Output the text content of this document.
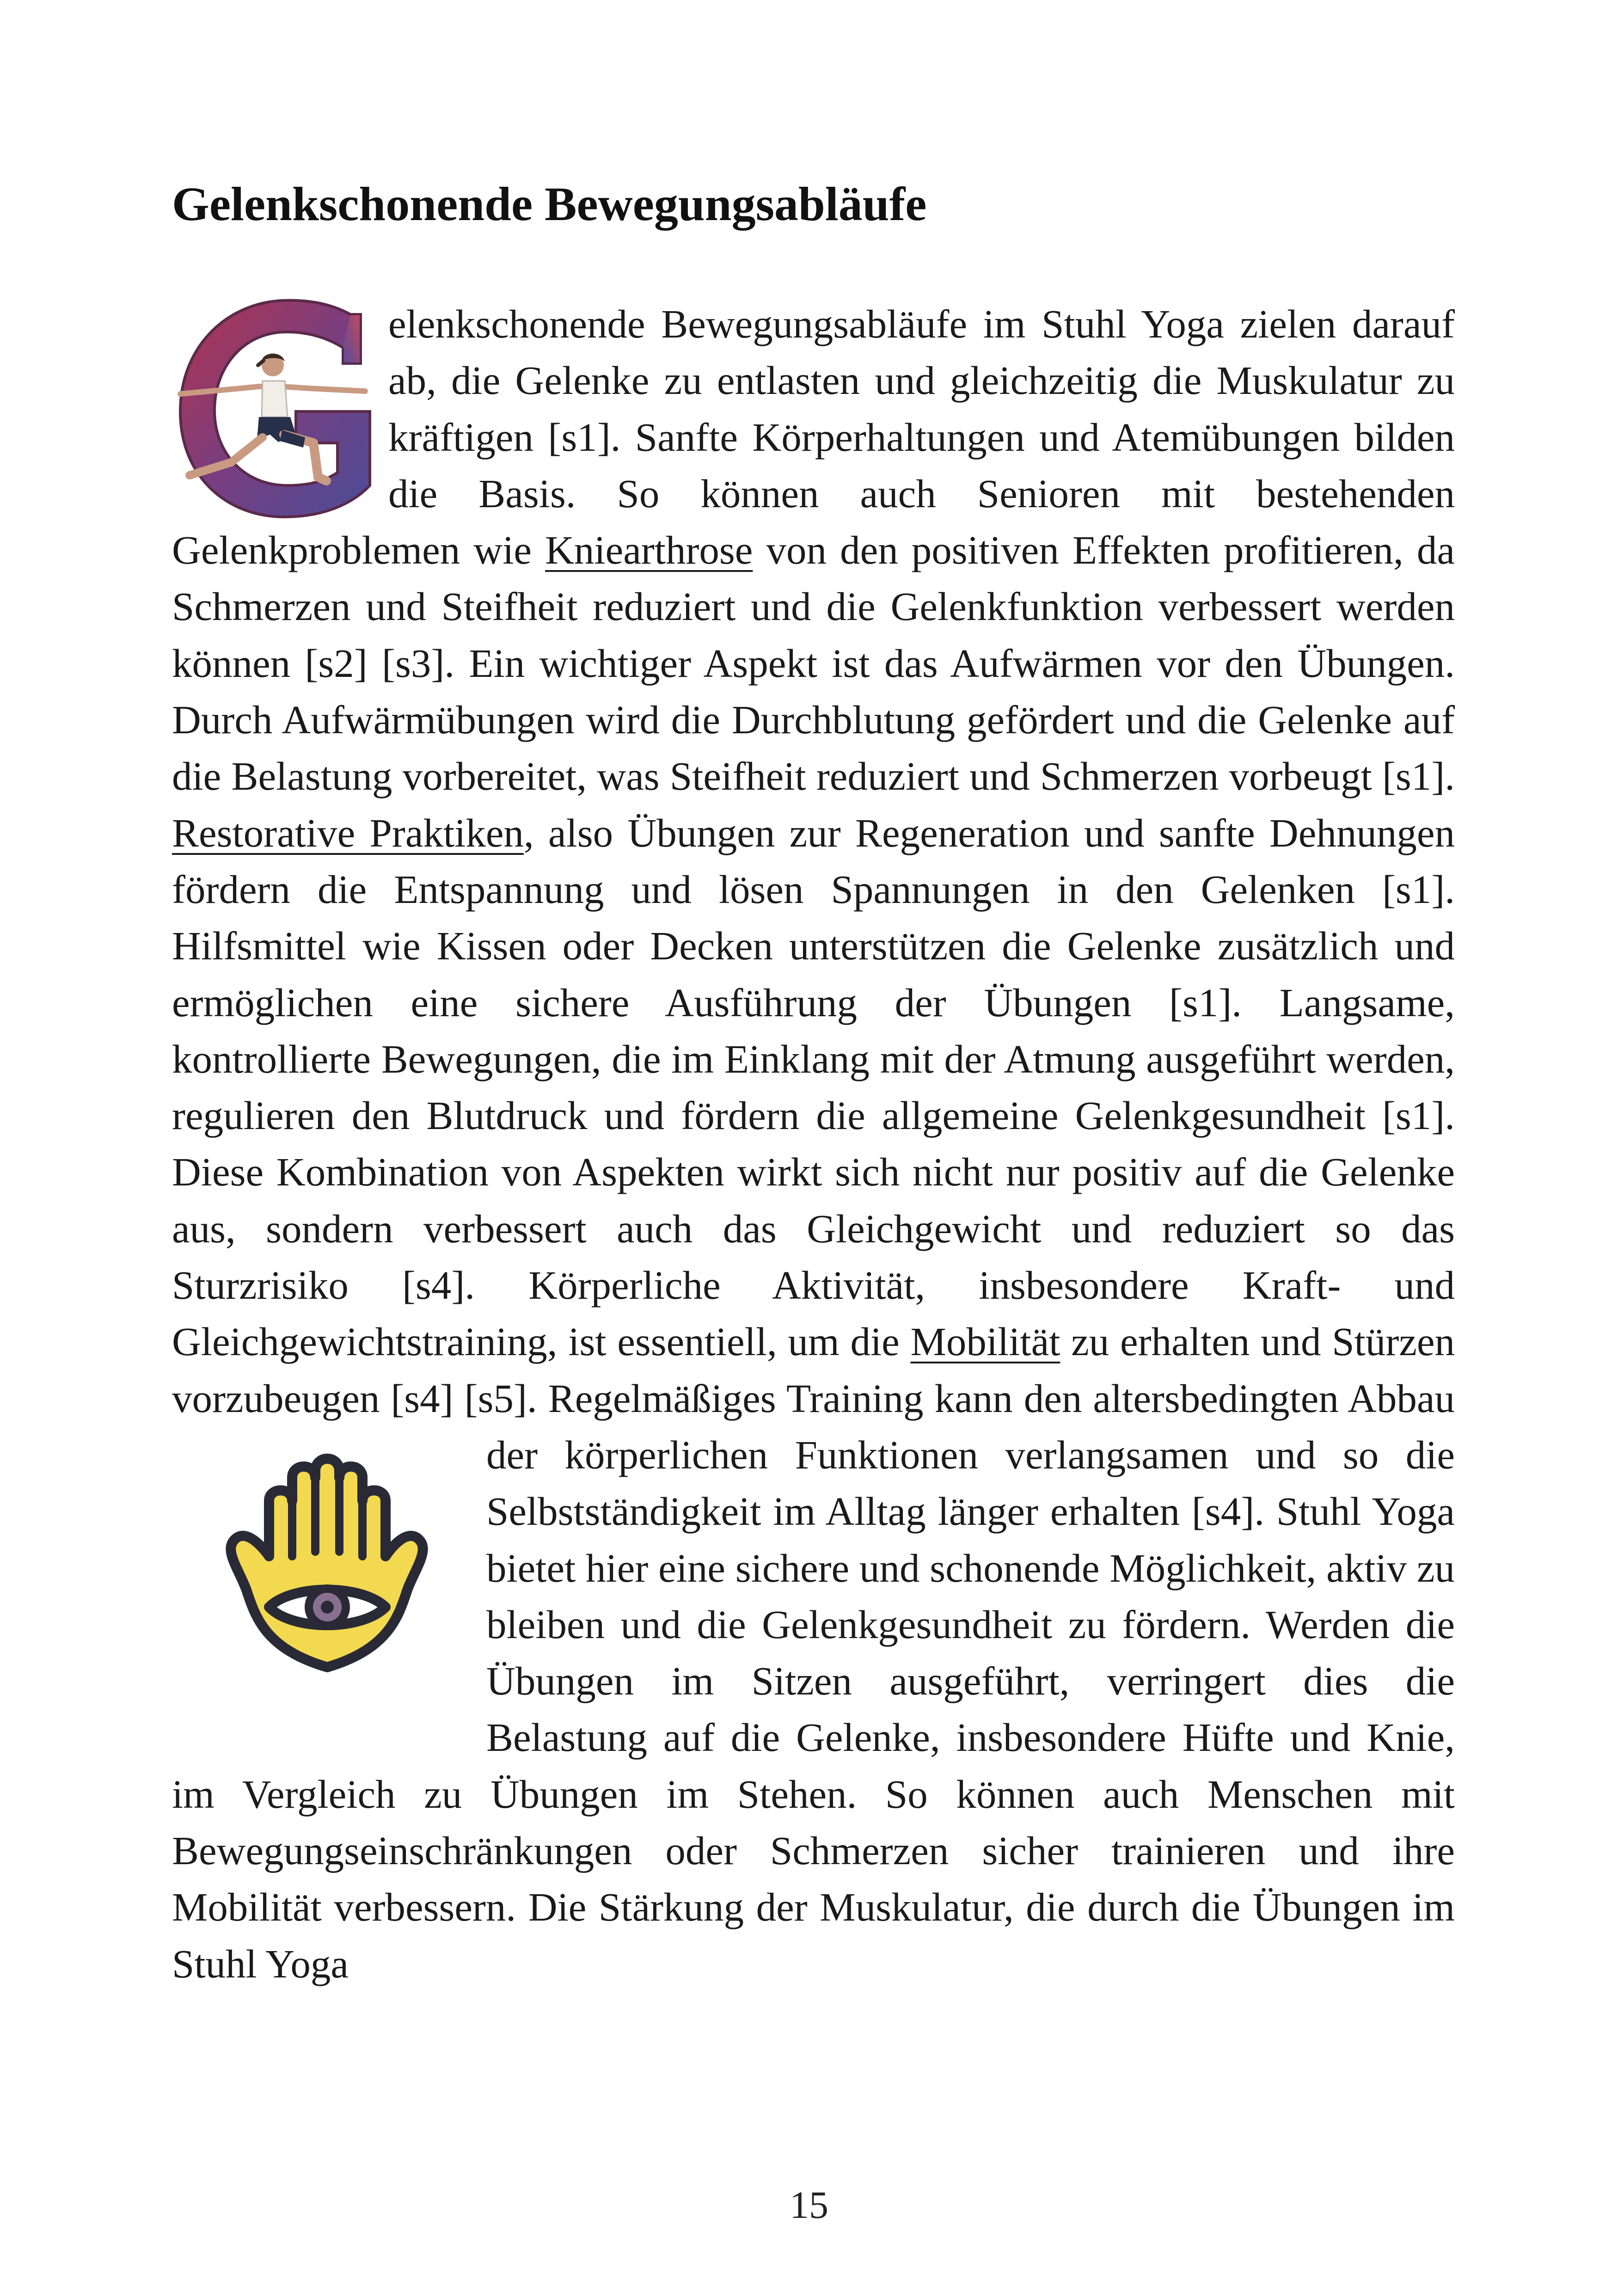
Gelenkschonende Bewegungsabläufe
elenkschonende Bewegungsabläufe im Stuhl Yoga zielen darauf ab, die Gelenke zu entlasten und gleichzeitig die Muskulatur zu kräftigen [s1]. Sanfte Körperhaltungen und Atemübungen bilden die Basis. So können auch Senioren mit bestehenden Gelenkproblemen wie Kniearthrose von den positiven Effekten profitieren, da Schmerzen und Steifheit reduziert und die Gelenkfunktion verbessert werden können [s2] [s3]. Ein wichtiger Aspekt ist das Aufwärmen vor den Übungen. Durch Aufwärmübungen wird die Durchblutung gefördert und die Gelenke auf die Belastung vorbereitet, was Steifheit reduziert und Schmerzen vorbeugt [s1]. Restorative Praktiken, also Übungen zur Regeneration und sanfte Dehnungen fördern die Entspannung und lösen Spannungen in den Gelenken [s1]. Hilfsmittel wie Kissen oder Decken unterstützen die Gelenke zusätzlich und ermöglichen eine sichere Ausführung der Übungen [s1]. Langsame, kontrollierte Bewegungen, die im Einklang mit der Atmung ausgeführt werden, regulieren den Blutdruck und fördern die allgemeine Gelenkgesundheit [s1]. Diese Kombination von Aspekten wirkt sich nicht nur positiv auf die Gelenke aus, sondern verbessert auch das Gleichgewicht und reduziert so das Sturzrisiko [s4]. Körperliche Aktivität, insbesondere Kraft- und Gleichgewichtstraining, ist essentiell, um die Mobilität zu erhalten und Stürzen vorzubeugen [s4] [s5]. Regelmäßiges Training kann den altersbedingten Abbau der
körperlichen Funktionen verlangsamen und so die Selbstständigkeit im Alltag länger erhalten [s4]. Stuhl Yoga bietet hier eine sichere und schonende Möglichkeit, aktiv zu bleiben und die Gelenkgesundheit zu fördern. Werden die Übungen im Sitzen ausgeführt, verringert dies die Belastung auf die Gelenke, insbesondere Hüfte und Knie, im Vergleich zu Übungen im Stehen. So können auch Menschen mit Bewegungseinschränkungen oder Schmerzen sicher trainieren und ihre Mobilität verbessern. Die Stärkung der Muskulatur, die durch die Übungen im Stuhl Yoga
15
